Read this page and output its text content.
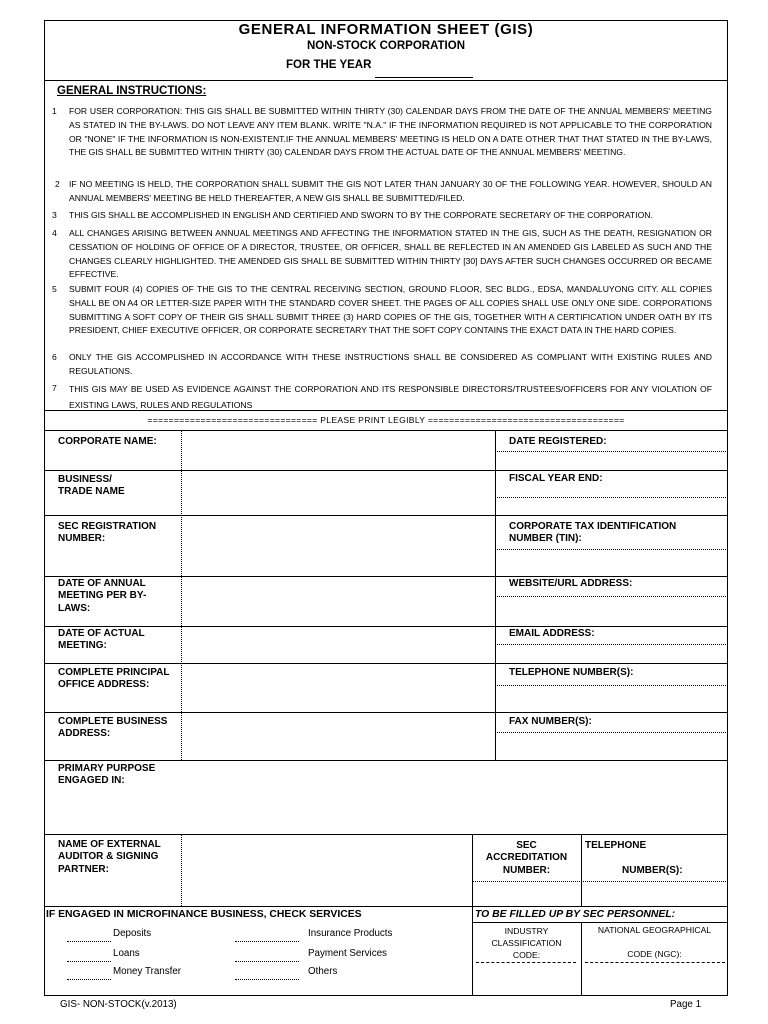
GENERAL INFORMATION SHEET (GIS)
NON-STOCK CORPORATION
FOR THE YEAR
GENERAL INSTRUCTIONS:
1 FOR USER CORPORATION: THIS GIS SHALL BE SUBMITTED WITHIN THIRTY (30) CALENDAR DAYS FROM THE DATE OF THE ANNUAL MEMBERS' MEETING AS STATED IN THE BY-LAWS. DO NOT LEAVE ANY ITEM BLANK. WRITE "N.A." IF THE INFORMATION REQUIRED IS NOT APPLICABLE TO THE CORPORATION OR "NONE" IF THE INFORMATION IS NON-EXISTENT.IF THE ANNUAL MEMBERS' MEETING IS HELD ON A DATE OTHER THAT THAT STATED IN THE BY-LAWS, THE GIS SHALL BE SUBMITTED WITHIN THIRTY (30) CALENDAR DAYS FROM THE ACTUAL DATE OF THE ANNUAL MEMBERS' MEETING.
2 IF NO MEETING IS HELD, THE CORPORATION SHALL SUBMIT THE GIS NOT LATER THAN JANUARY 30 OF THE FOLLOWING YEAR. HOWEVER, SHOULD AN ANNUAL MEMBERS' MEETING BE HELD THEREAFTER, A NEW GIS SHALL BE SUBMITTED/FILED.
3 THIS GIS SHALL BE ACCOMPLISHED IN ENGLISH AND CERTIFIED AND SWORN TO BY THE CORPORATE SECRETARY OF THE CORPORATION.
4 ALL CHANGES ARISING BETWEEN ANNUAL MEETINGS AND AFFECTING THE INFORMATION STATED IN THE GIS, SUCH AS THE DEATH, RESIGNATION OR CESSATION OF HOLDING OF OFFICE OF A DIRECTOR, TRUSTEE, OR OFFICER, SHALL BE REFLECTED IN AN AMENDED GIS LABELED AS SUCH AND THE CHANGES CLEARLY HIGHLIGHTED. THE AMENDED GIS SHALL BE SUBMITTED WITHIN THIRTY [30] DAYS AFTER SUCH CHANGES OCCURRED OR BECAME EFFECTIVE.
5 SUBMIT FOUR (4) COPIES OF THE GIS TO THE CENTRAL RECEIVING SECTION, GROUND FLOOR, SEC BLDG., EDSA, MANDALUYONG CITY. ALL COPIES SHALL BE ON A4 OR LETTER-SIZE PAPER WITH THE STANDARD COVER SHEET. THE PAGES OF ALL COPIES SHALL USE ONLY ONE SIDE. CORPORATIONS SUBMITTING A SOFT COPY OF THEIR GIS SHALL SUBMIT THREE (3) HARD COPIES OF THE GIS, TOGETHER WITH A CERTIFICATION UNDER OATH BY ITS PRESIDENT, CHIEF EXECUTIVE OFFICER, OR CORPORATE SECRETARY THAT THE SOFT COPY CONTAINS THE EXACT DATA IN THE HARD COPIES.
6 ONLY THE GIS ACCOMPLISHED IN ACCORDANCE WITH THESE INSTRUCTIONS SHALL BE CONSIDERED AS COMPLIANT WITH EXISTING RULES AND REGULATIONS.
7 THIS GIS MAY BE USED AS EVIDENCE AGAINST THE CORPORATION AND ITS RESPONSIBLE DIRECTORS/TRUSTEES/OFFICERS FOR ANY VIOLATION OF EXISTING LAWS, RULES AND REGULATIONS
================================ PLEASE PRINT LEGIBLY =====================================
CORPORATE NAME:
BUSINESS/
TRADE NAME
SEC REGISTRATION
NUMBER:
DATE OF ANNUAL
MEETING PER BY-
LAWS:
DATE OF ACTUAL
MEETING:
COMPLETE PRINCIPAL
OFFICE ADDRESS:
COMPLETE BUSINESS
ADDRESS:
DATE REGISTERED:
FISCAL YEAR END:
CORPORATE TAX IDENTIFICATION
NUMBER (TIN):
WEBSITE/URL ADDRESS:
EMAIL ADDRESS:
TELEPHONE NUMBER(S):
FAX NUMBER(S):
PRIMARY PURPOSE
ENGAGED IN:
NAME OF EXTERNAL
AUDITOR & SIGNING
PARTNER:
SEC
ACCREDITATION
NUMBER:
TELEPHONE
NUMBER(S):
IF ENGAGED IN MICROFINANCE BUSINESS, CHECK SERVICES	TO BE FILLED UP BY SEC PERSONNEL:
Deposits
Loans
Money Transfer
Insurance Products
Payment Services
Others
INDUSTRY
CLASSIFICATION
CODE:
NATIONAL GEOGRAPHICAL
CODE (NGC):
GIS- NON-STOCK(v.2013)	Page 1
